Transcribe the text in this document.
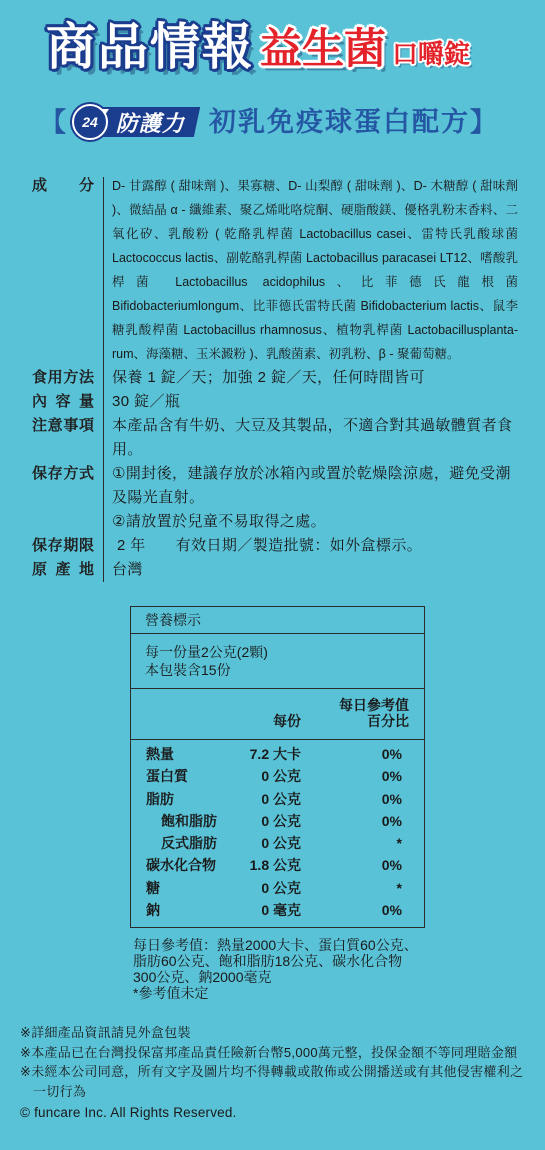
商品情報 益生菌 口嚼錠
【 24 防護力 初乳免疫球蛋白配方 】
成分 D- 甘露醇 ( 甜味劑 )、果寡糖、D- 山梨醇 ( 甜味劑 )、D- 木糖醇 ( 甜味劑 )、微結晶 α - 纖維素、聚乙烯吡咯烷酮、硬脂酸鎂、優格乳粉末香料、二氧化矽、乳酸粉 ( 乾酪乳桿菌 Lactobacillus casei、雷特氏乳酸球菌 Lactococcus lactis、副乾酪乳桿菌 Lactobacillus paracasei LT12、嗜酸乳桿菌 Lactobacillus acidophilus、比菲德氏龍根菌 Bifidobacteriumlongum、比菲德氏雷特氏菌 Bifidobacterium lactis、鼠李糖乳酸桿菌 Lactobacillus rhamnosus、植物乳桿菌 Lactobacillusplanta-rum、海藻糖、玉米澱粉 )、乳酸菌素、初乳粉、β - 聚葡萄糖。
食用方法 保養 1 錠／天；加強 2 錠／天，任何時間皆可
內容量 30 錠／瓶
注意事項 本產品含有牛奶、大豆及其製品，不適合對其過敏體質者食用。
保存方式 ①開封後，建議存放於冰箱內或置於乾燥陰涼處，避免受潮及陽光直射。
②請放置於兒童不易取得之處。
保存期限	2 年 有效日期／製造批號：如外盒標示。
原產地 台灣
營養標示
每一份量2公克(2顆)
本包裝含15份
每份
每日參考值
百分比
熱量	7.2 大卡	0%
蛋白質	0 公克	0%
脂肪	0 公克	0%
飽和脂肪	0 公克	0%
反式脂肪	0 公克	*
碳水化合物	1.8 公克	0%
糖	0 公克	*
鈉	0 毫克	0%
每日參考值：熱量2000大卡、蛋白質60公克、脂肪60公克、飽和脂肪18公克、碳水化合物300公克、鈉2000毫克
*參考值未定
※詳細產品資訊請見外盒包裝
※本產品已在台灣投保富邦產品責任險新台幣5,000萬元整，投保金額不等同理賠金額
※未經本公司同意，所有文字及圖片均不得轉載或散佈或公開播送或有其他侵害權利之一切行為
© funcare Inc. All Rights Reserved.
